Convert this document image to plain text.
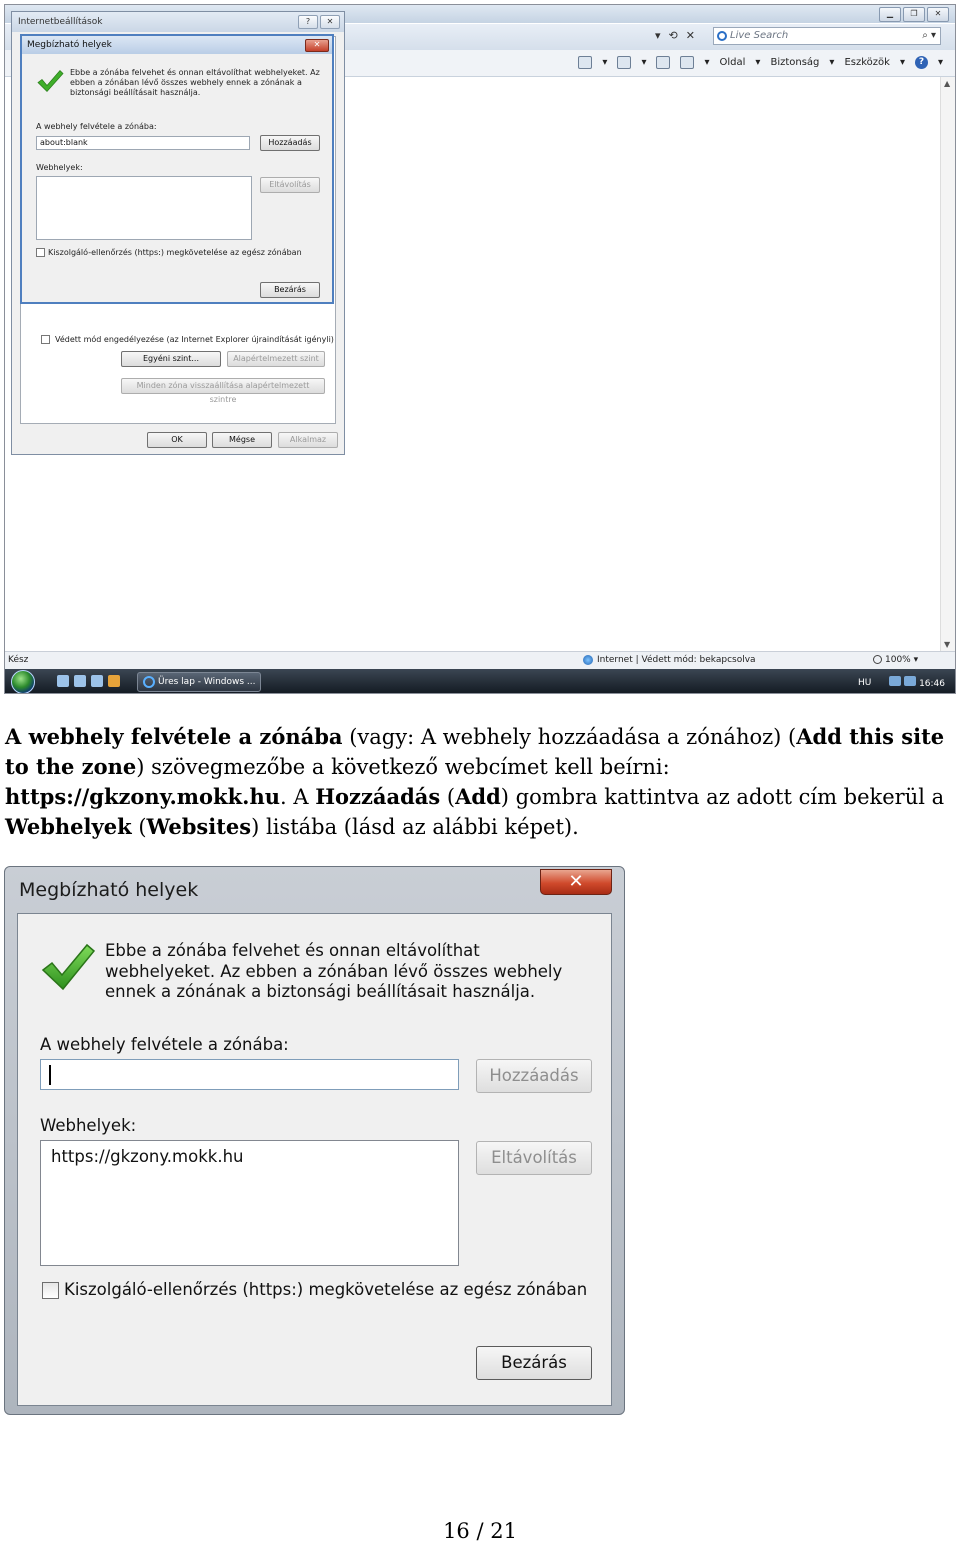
▁	❐	✕
▾ ⟲ ✕	Live Search	⌕ ▾
▾	▾	▾ Oldal ▾ Biztonság ▾ Eszközök ▾	?	▾
▲
▼
Kész	Internet | Védett mód: bekapcsolva	100% ▾
Üres lap - Windows ...	HU	16:46
Internetbeállítások	?	✕
Védett mód engedélyezése (az Internet Explorer újraindítását igényli)
Egyéni szint...	Alapértelmezett szint
Minden zóna visszaállítása alapértelmezett szintre
OK	Mégse	Alkalmaz
Megbízható helyek	✕
Ebbe a zónába felvehet és onnan eltávolíthat webhelyeket. Az ebben a zónában lévő összes webhely ennek a zónának a biztonsági beállításait használja.
A webhely felvétele a zónába:
about:blank	Hozzáadás
Webhelyek:
Eltávolítás
Kiszolgáló-ellenőrzés (https:) megkövetelése az egész zónában
Bezárás
A webhely felvétele a zónába (vagy: A webhely hozzáadása a zónához) (Add this site to the zone) szövegmezőbe a következő webcímet kell beírni: https://gkzony.mokk.hu. A Hozzáadás (Add) gombra kattintva az adott cím bekerül a Webhelyek (Websites) listába (lásd az alábbi képet).
Megbízható helyek	✕
Ebbe a zónába felvehet és onnan eltávolíthat webhelyeket. Az ebben a zónában lévő összes webhely ennek a zónának a biztonsági beállításait használja.
A webhely felvétele a zónába:
Hozzáadás
Webhelyek:
https://gkzony.mokk.hu	Eltávolítás
Kiszolgáló-ellenőrzés (https:) megkövetelése az egész zónában
Bezárás
16 / 21
